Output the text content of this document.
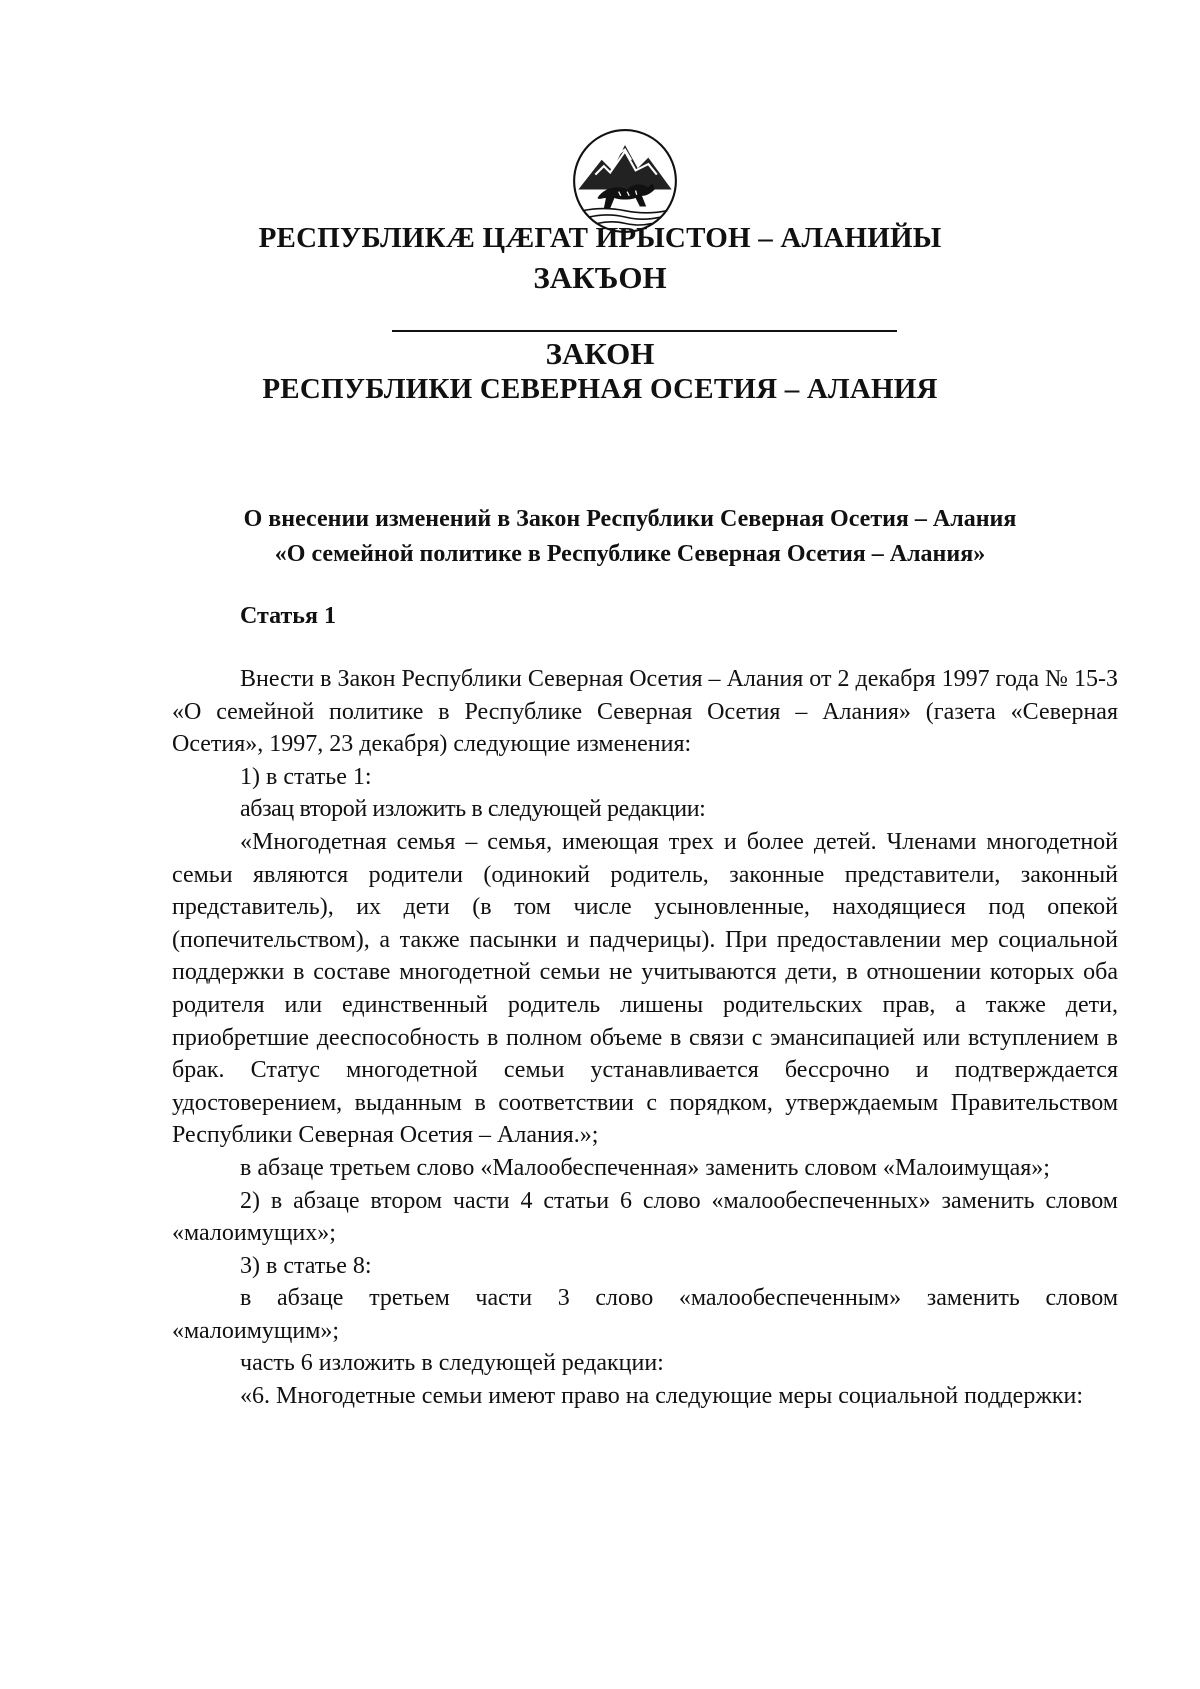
РЕСПУБЛИКӔ ЦӔГАТ ИРЫСТОН – АЛАНИЙЫ
ЗАКЪОН
ЗАКОН
РЕСПУБЛИКИ СЕВЕРНАЯ ОСЕТИЯ – АЛАНИЯ
О внесении изменений в Закон Республики Северная Осетия – Алания
«О семейной политике в Республике Северная Осетия – Алания»
Статья 1

Внести в Закон Республики Северная Осетия – Алания от 2 декабря 1997 года № 15-З «О семейной политике в Республике Северная Осетия – Алания» (газета «Северная Осетия», 1997, 23 декабря) следующие изменения:

1) в статье 1:

абзац второй изложить в следующей редакции:

«Многодетная семья – семья, имеющая трех и более детей. Членами многодетной семьи являются родители (одинокий родитель, законные представители, законный представитель), их дети (в том числе усыновленные, находящиеся под опекой (попечительством), а также пасынки и падчерицы). При предоставлении мер социальной поддержки в составе многодетной семьи не учитываются дети, в отношении которых оба родителя или единственный родитель лишены родительских прав, а также дети, приобретшие дееспособность в полном объеме в связи с эмансипацией или вступлением в брак. Статус многодетной семьи устанавливается бессрочно и подтверждается удостоверением, выданным в соответствии с порядком, утверждаемым Правительством Республики Северная Осетия – Алания.»;

в абзаце третьем слово «Малообеспеченная» заменить словом «Малоимущая»;

2) в абзаце втором части 4 статьи 6 слово «малообеспеченных» заменить словом «малоимущих»;

3) в статье 8:

в абзаце третьем части 3 слово «малообеспеченным» заменить словом «малоимущим»;

часть 6 изложить в следующей редакции:

«6. Многодетные семьи имеют право на следующие меры социальной поддержки:
